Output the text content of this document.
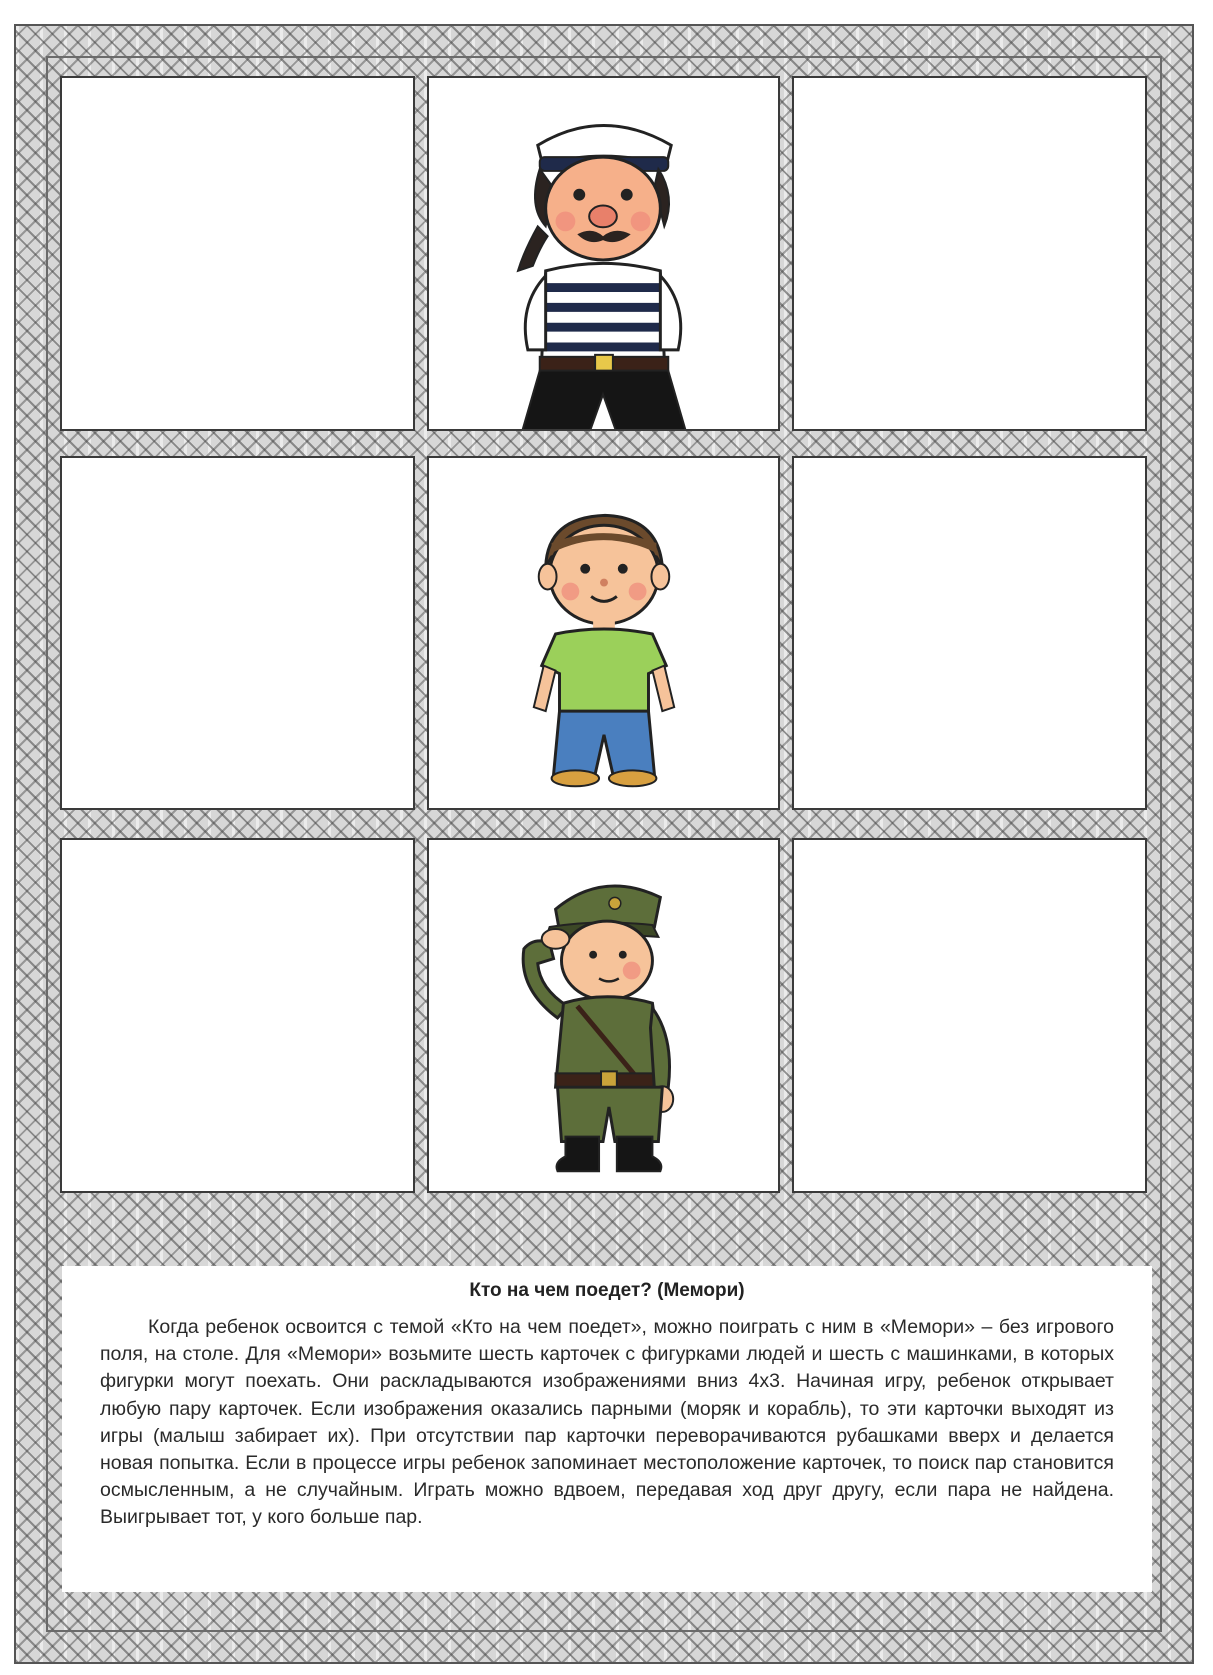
Кто на чем поедет? (Мемори)

Когда ребенок освоится с темой «Кто на чем поедет», можно поиграть с ним в «Мемори» – без игрового поля, на столе. Для «Мемори» возьмите шесть карточек с фигурками людей и шесть с машинками, в которых фигурки могут поехать. Они раскладываются изображениями вниз 4х3. Начиная игру, ребенок открывает любую пару карточек. Если изображения оказались парными (моряк и корабль), то эти карточки выходят из игры (малыш забирает их). При отсутствии пар карточки переворачиваются рубашками вверх и делается новая попытка. Если в процессе игры ребенок запоминает местоположение карточек, то поиск пар становится осмысленным, а не случайным. Играть можно вдвоем, передавая ход друг другу, если пара не найдена. Выигрывает тот, у кого больше пар.
